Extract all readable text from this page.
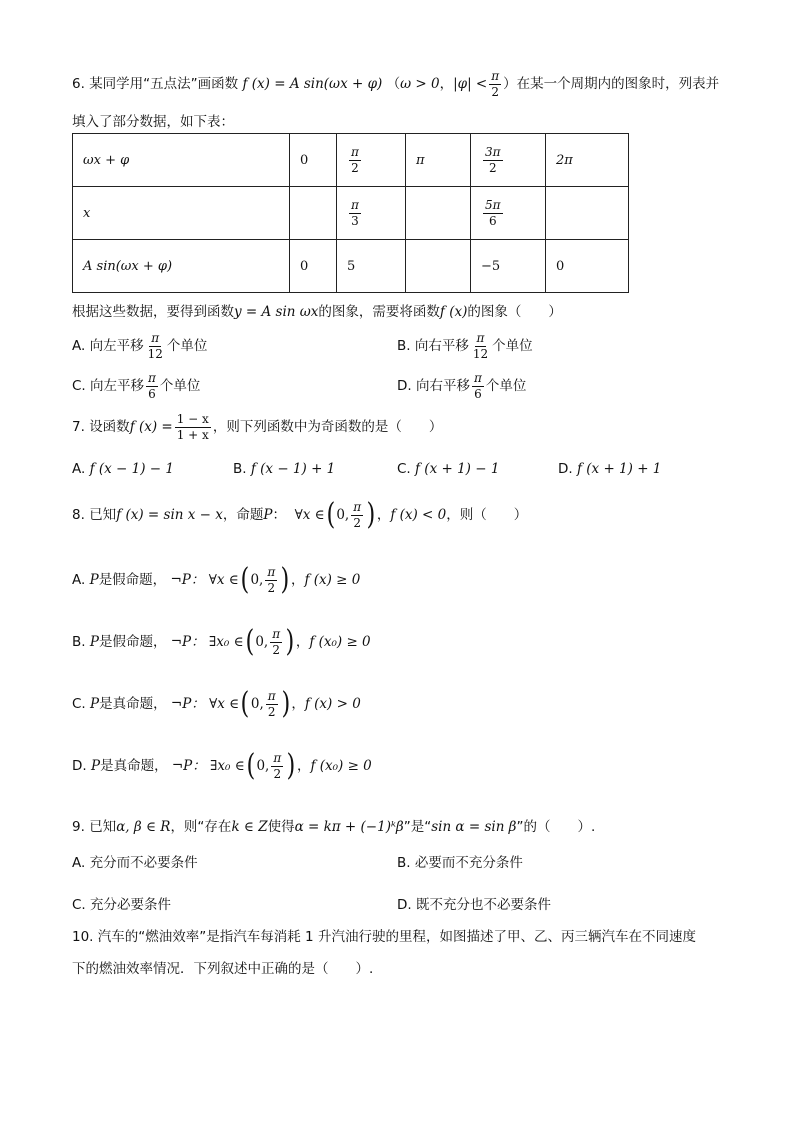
6. 某同学用“五点法”画函数 f (x) = A sin(ωx + φ) （ω > 0，$|\varphi| < \frac{\pi}{2}$ ）在某一个周期内的图象时，列表并
填入了部分数据，如下表：
ωx + φ	0	$\frac{\pi}{2}$	π	$\frac{3\pi}{2}$	2π
x		$\frac{\pi}{3}$		$\frac{5\pi}{6}$

A sin(ωx + φ)	0	5		−5	0
根据这些数据，要得到函数y = A sin ωx的图象，需要将函数f (x)的图象（　　）
A. 向左平移 $\frac{\pi}{12}$ 个单位	B. 向右平移 $\frac{\pi}{12}$ 个单位
C. 向左平移 $\frac{\pi}{6}$ 个单位	D. 向右平移 $\frac{\pi}{6}$ 个单位
7. 设函数f $(x) = \frac{1 - x}{1 + x}$ ，则下列函数中为奇函数的是（　　）
A. f (x − 1) − 1	B. f (x − 1) + 1	C. f (x + 1) − 1	D. f (x + 1) + 1
8. 已知f (x) = sin x − x，命题P： ∀x ∈(0, $\frac{\pi}{2}$ )，f (x) < 0，则（　　）
A. P是假命题， ¬P： ∀x ∈(0, $\frac{\pi}{2}$ )，f (x) ≥ 0
B. P是假命题， ¬P： ∃x₀ ∈(0, $\frac{\pi}{2}$ )，f (x₀) ≥ 0
C. P是真命题， ¬P： ∀x ∈(0, $\frac{\pi}{2}$ )，f (x) > 0
D. P是真命题， ¬P： ∃x₀ ∈(0, $\frac{\pi}{2}$ )，f (x₀) ≥ 0
9. 已知α, β ∈ R，则“存在k ∈ Z使得α = kπ + (−1)ᵏβ”是“sin α = sin β”的（　　）.
A. 充分而不必要条件	B. 必要而不充分条件
C. 充分必要条件	D. 既不充分也不必要条件
10. 汽车的“燃油效率”是指汽车每消耗 1 升汽油行驶的里程，如图描述了甲、乙、丙三辆汽车在不同速度
下的燃油效率情况．下列叙述中正确的是（　　）.
